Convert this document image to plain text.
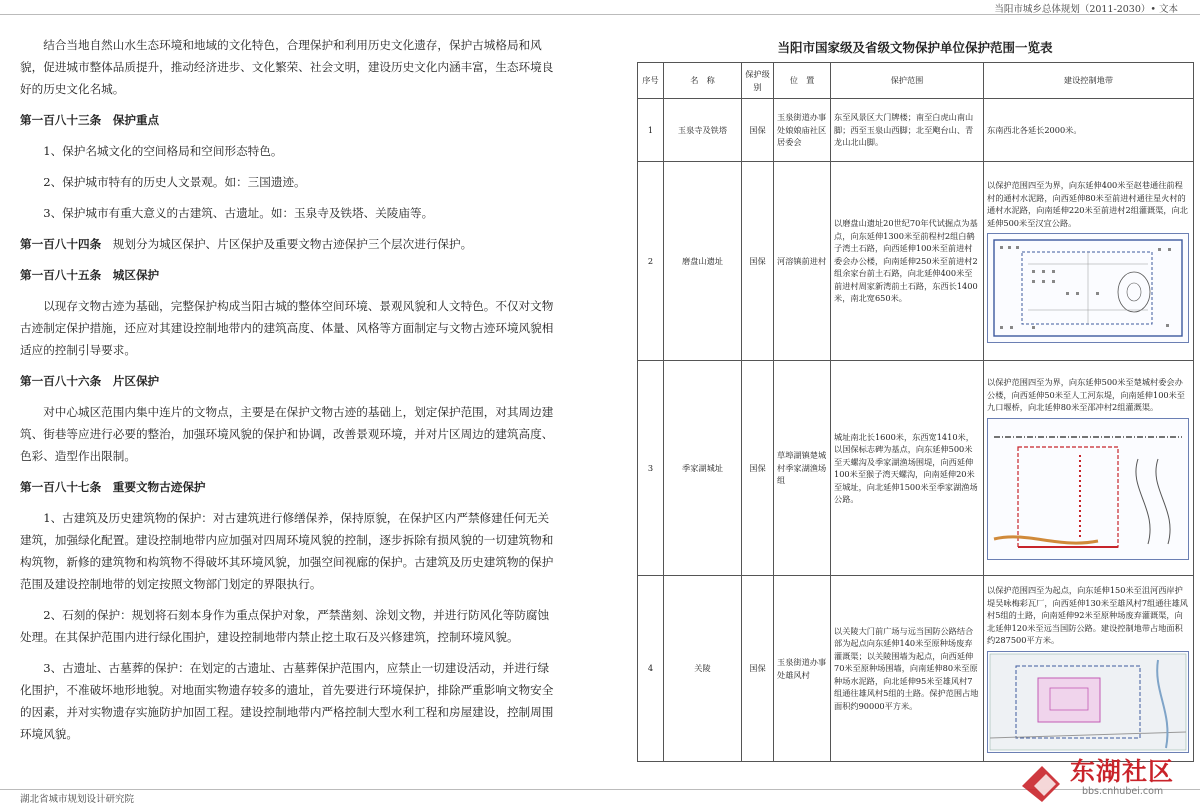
当阳市城乡总体规划（2011-2030）• 文本

结合当地自然山水生态环境和地域的文化特色，合理保护和利用历史文化遗存，保护古城格局和风貌，促进城市整体品质提升，推动经济进步、文化繁荣、社会文明，建设历史文化内涵丰富，生态环境良好的历史文化名城。

第一百八十三条　保护重点

1、保护名城文化的空间格局和空间形态特色。

2、保护城市特有的历史人文景观。如：三国遗迹。

3、保护城市有重大意义的古建筑、古遗址。如：玉泉寺及铁塔、关陵庙等。

第一百八十四条　 规划分为城区保护、片区保护及重要文物古迹保护三个层次进行保护。

第一百八十五条　城区保护

以现存文物古迹为基础，完整保护构成当阳古城的整体空间环境、景观风貌和人文特色。不仅对文物古迹制定保护措施，还应对其建设控制地带内的建筑高度、体量、风格等方面制定与文物古迹环境风貌相适应的控制引导要求。

第一百八十六条　片区保护

对中心城区范围内集中连片的文物点，主要是在保护文物古迹的基础上，划定保护范围，对其周边建筑、街巷等应进行必要的整治，加强环境风貌的保护和协调，改善景观环境，并对片区周边的建筑高度、色彩、造型作出限制。

第一百八十七条　重要文物古迹保护

1、古建筑及历史建筑物的保护：对古建筑进行修缮保养，保持原貌，在保护区内严禁修建任何无关建筑，加强绿化配置。建设控制地带内应加强对四周环境风貌的控制，逐步拆除有损风貌的一切建筑物和构筑物，新修的建筑物和构筑物不得破坏其环境风貌，加强空间视廊的保护。古建筑及历史建筑物的保护范围及建设控制地带的划定按照文物部门划定的界限执行。

2、石刻的保护：规划将石刻本身作为重点保护对象，严禁凿刻、涂划文物，并进行防风化等防腐蚀处理。在其保护范围内进行绿化围护，建设控制地带内禁止挖土取石及兴修建筑，控制环境风貌。

3、古遗址、古墓葬的保护：在划定的古遗址、古墓葬保护范围内，应禁止一切建设活动，并进行绿化围护，不准破坏地形地貌。对地面实物遗存较多的遗址，首先要进行环境保护，排除严重影响文物安全的因素，并对实物遗存实施防护加固工程。建设控制地带内严格控制大型水利工程和房屋建设，控制周围环境风貌。

当阳市国家级及省级文物保护单位保护范围一览表
序号	名　称	保护级别	位　置	保护范围	建设控制地带
1	玉泉寺及铁塔	国保	玉泉街道办事处娘娘庙社区居委会	东至风景区大门牌楼；南至白虎山南山脚；西至玉泉山西脚；北至飑台山、青龙山北山脚。	东南西北各延长2000米。
2	磨盘山遗址	国保	河溶镇前进村	以磨盘山遗址20世纪70年代试掘点为基点，向东延伸1300米至前程村2组白鹤子湾土石路，向西延伸100米至前进村委会办公楼，向南延伸250米至前进村2组余家台前土石路，向北延伸400米至前进村周家新湾前土石路，东西长1400米，南北宽650米。	以保护范围四至为界，向东延伸400米至赵巷通往前程村的通村水泥路，向西延伸80米至前进村通往星火村的通村水泥路，向南延伸220米至前进村2组灌溉渠，向北延伸500米至汉宜公路。

3	季家湖城址	国保	草埠湖镇楚城村季家湖渔场组	城址南北长1600米，东西宽1410米，以国保标志碑为基点，向东延伸500米至天螺沟及季家湖渔场围堤，向西延伸100米至猴子湾天螺沟，向南延伸20米至城址，向北延伸1500米至季家湖渔场公路。	以保护范围四至为界，向东延伸500米至楚城村委会办公楼，向西延伸50米至人工河东堤，向南延伸100米至九口堰桥，向北延伸80米至邵冲村2组灌溉渠。

4	关陵	国保	玉泉街道办事处雄风村	以关陵大门前广场与远当国防公路结合部为起点向东延伸140米至原种场废弃灌溉渠；以关陵围墙为起点，向西延伸70米至原种场围墙，向南延伸80米至原种场水泥路，向北延伸95米至雄风村7组通往雄风村5组的土路。保护范围占地面积约90000平方米。	以保护范围四至为起点，向东延伸150米至沮河西岸护堤吴咏梅彩瓦厂，向西延伸130米至雄风村7组通往雄风村5组的土路，向南延伸92米至原种场废弃灌溉渠，向北延伸120米至远当国防公路。建设控制地带占地面积约287500平方米。
湖北省城市规划设计研究院
东湖社区
bbs.cnhubei.com
